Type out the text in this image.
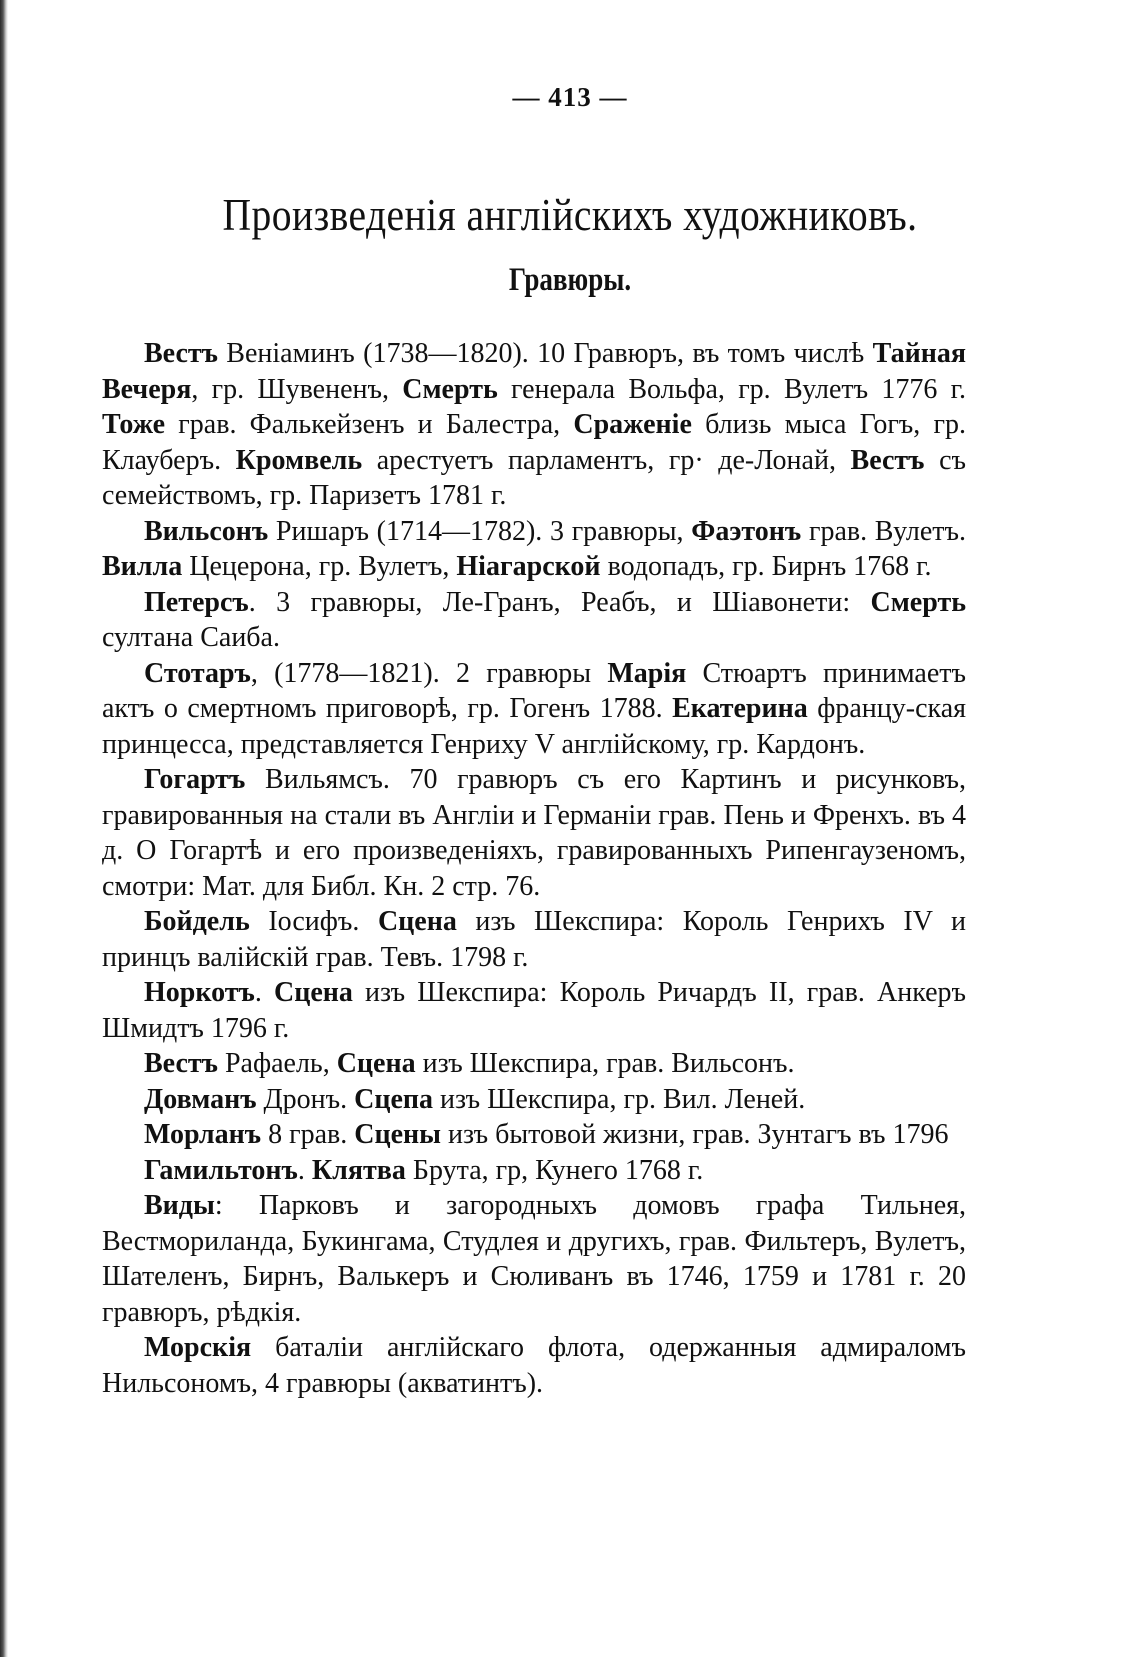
— 413 —
Произведенія англійскихъ художниковъ.
Гравюры.

Вестъ Веніаминъ (1738—1820). 10 Гравюръ, въ томъ числѣ Тайная Вечеря, гр. Шувененъ, Смерть генерала Вольфа, гр. Вулетъ 1776 г. Тоже грав. Фалькейзенъ и Балестра, Сраженіе близь мыса Гогъ, гр. Клауберъ. Кромвель арестуетъ парламентъ, гр· де-Лонай, Вестъ съ семействомъ, гр. Паризетъ 1781 г.

Вильсонъ Ришаръ (1714—1782). 3 гравюры, Фаэтонъ грав. Вулетъ. Вилла Цецерона, гр. Вулетъ, Ніагарской водопадъ, гр. Бирнъ 1768 г.

Петерсъ. 3 гравюры, Ле-Гранъ, Реабъ, и Шіавонети: Смерть султана Саиба.

Стотаръ, (1778—1821). 2 гравюры Марія Стюартъ принимаетъ актъ о смертномъ приговорѣ, гр. Гогенъ 1788. Екатерина францу-ская принцесса, представляется Генриху V англійскому, гр. Кардонъ.

Гогартъ Вильямсъ. 70 гравюръ съ его Картинъ и рисунковъ, гравированныя на стали въ Англіи и Германіи грав. Пень и Френхъ. въ 4 д. О Гогартѣ и его произведеніяхъ, гравированныхъ Рипенгаузеномъ, смотри: Мат. для Библ. Кн. 2 стр. 76.

Бойдель Іосифъ. Сцена изъ Шекспира: Король Генрихъ IV и принцъ валійскій грав. Тевъ. 1798 г.

Норкотъ. Сцена изъ Шекспира: Король Ричардъ II, грав. Анкеръ Шмидтъ 1796 г.

Вестъ Рафаель, Сцена изъ Шекспира, грав. Вильсонъ.

Довманъ Дронъ. Сцепа изъ Шекспира, гр. Вил. Леней.

Морланъ 8 грав. Сцены изъ бытовой жизни, грав. Зунтагъ въ 1796

Гамильтонъ. Клятва Брута, гр, Кунего 1768 г.

Виды: Парковъ и загородныхъ домовъ графа Тильнея, Вестмориланда, Букингама, Студлея и другихъ, грав. Фильтеръ, Вулетъ, Шателенъ, Бирнъ, Валькеръ и Сюливанъ въ 1746, 1759 и 1781 г. 20 гравюръ, рѣдкія.

Морскія баталіи англійскаго флота, одержанныя адмираломъ Нильсономъ, 4 гравюры (акватинтъ).
